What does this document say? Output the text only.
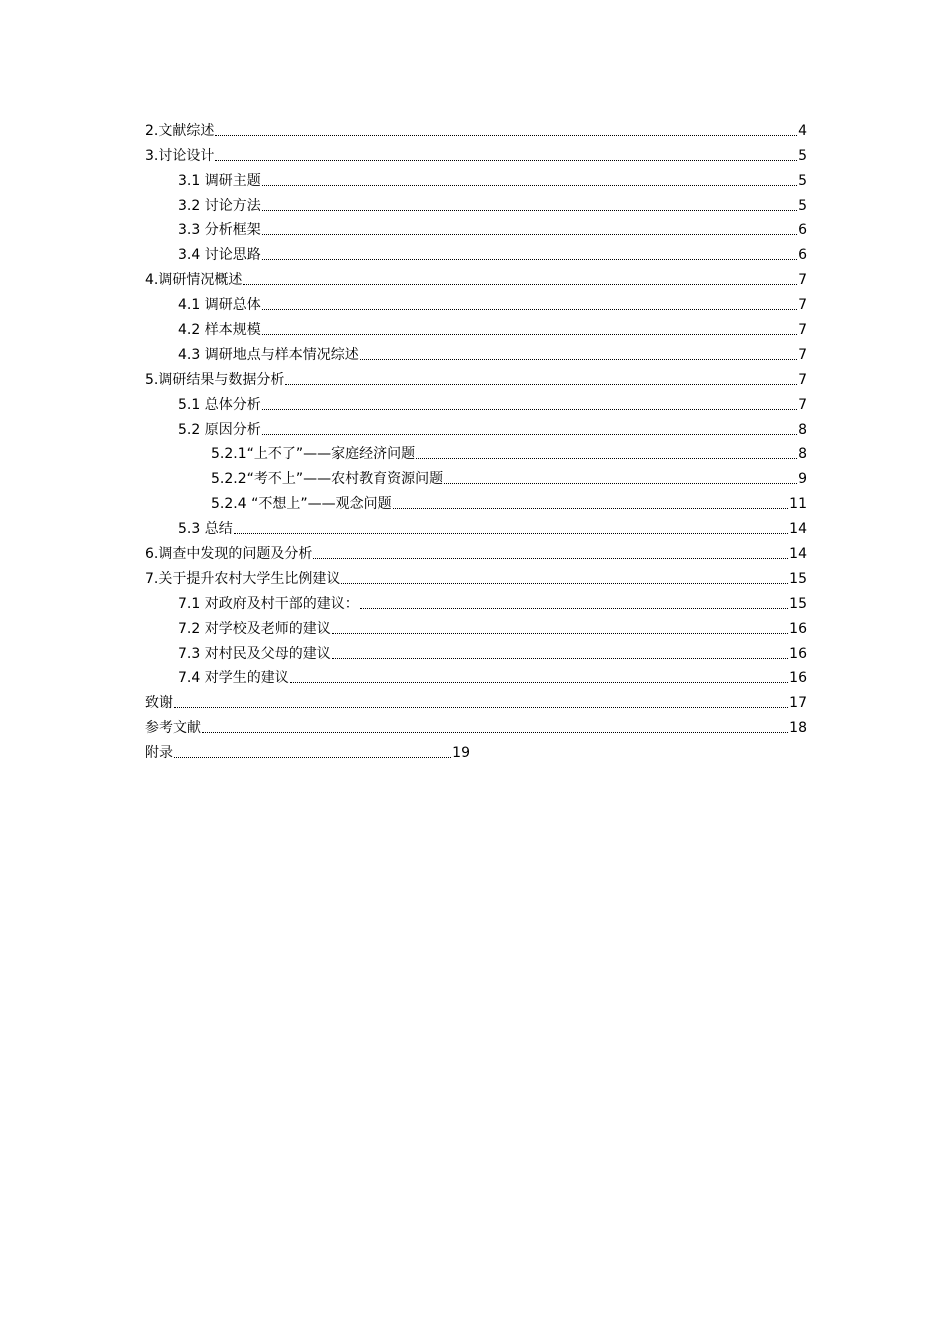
2.文献综述	4
3.讨论设计	5
3.1 调研主题	5
3.2 讨论方法	5
3.3 分析框架	6
3.4 讨论思路	6
4.调研情况概述	7
4.1 调研总体	7
4.2 样本规模	7
4.3 调研地点与样本情况综述	7
5.调研结果与数据分析	7
5.1 总体分析	7
5.2 原因分析	8
5.2.1“上不了”——家庭经济问题	8
5.2.2“考不上”——农村教育资源问题	9
5.2.4 “不想上”——观念问题	11
5.3 总结	14
6.调查中发现的问题及分析	14
7.关于提升农村大学生比例建议	15
7.1 对政府及村干部的建议：	15
7.2 对学校及老师的建议	16
7.3 对村民及父母的建议	16
7.4 对学生的建议	16
致谢	17
参考文献	18
附录	19
